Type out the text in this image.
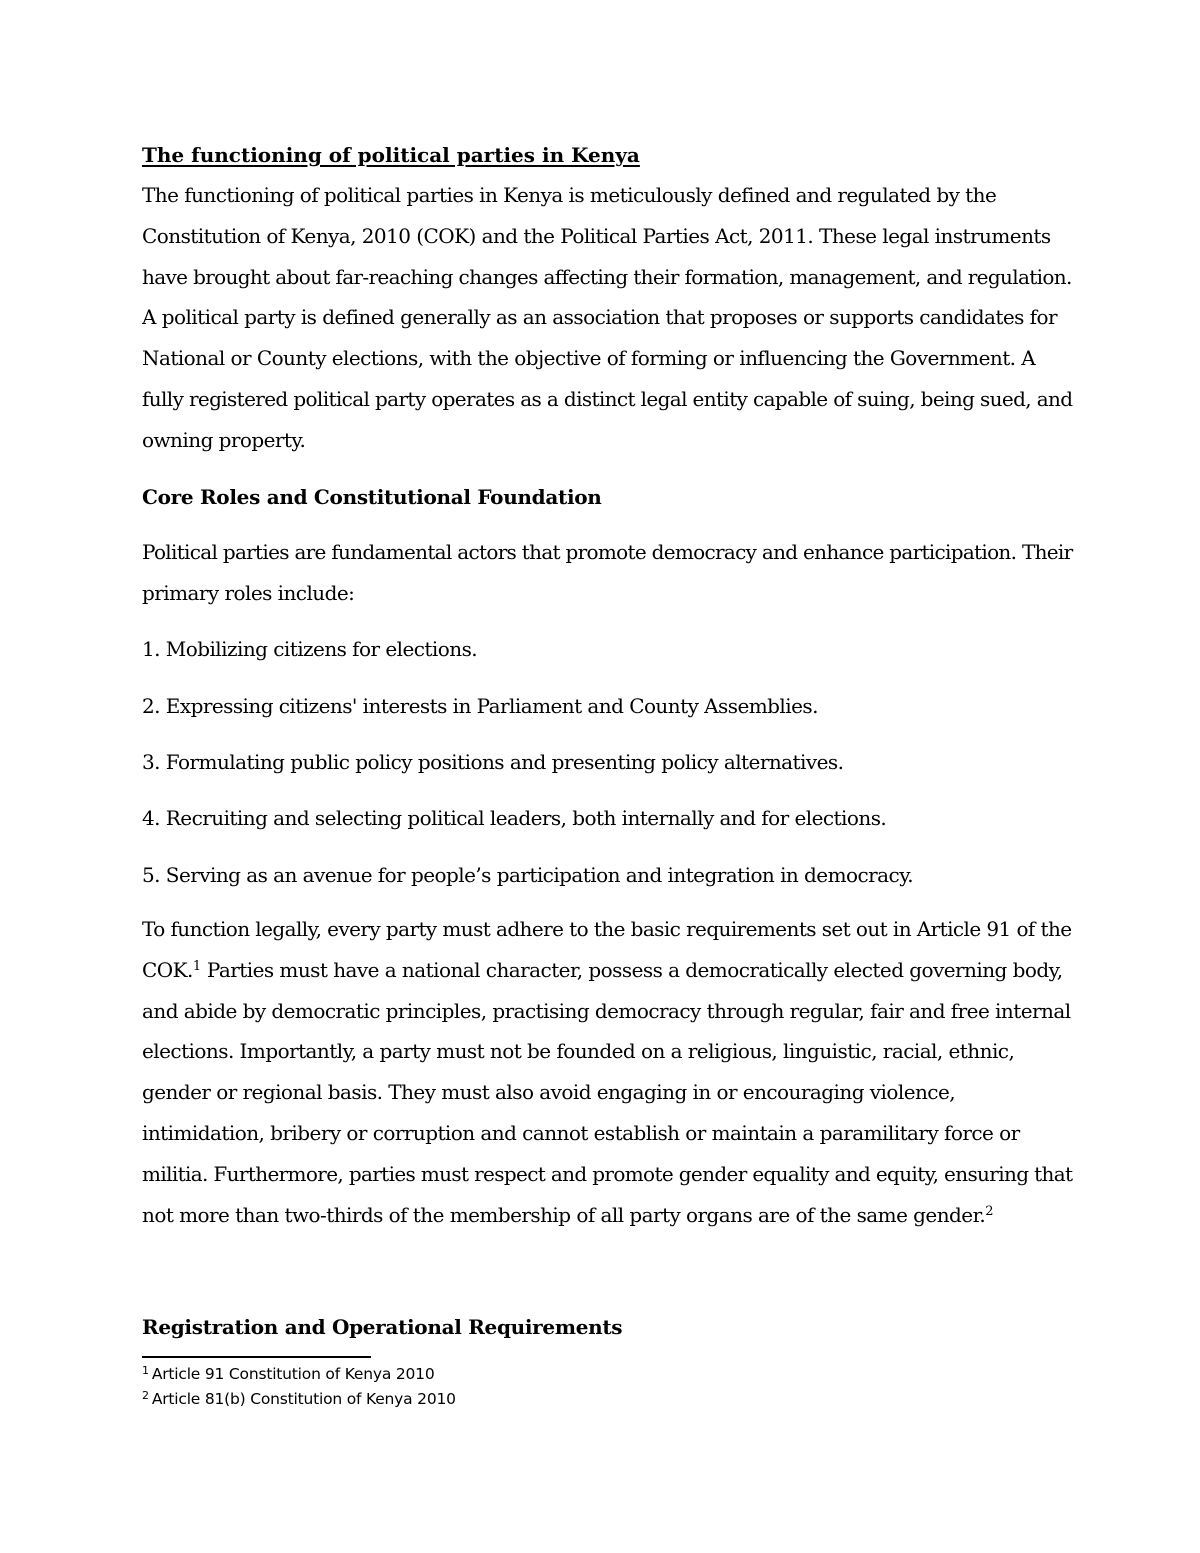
The functioning of political parties in Kenya
The functioning of political parties in Kenya is meticulously defined and regulated by the
Constitution of Kenya, 2010 (COK) and the Political Parties Act, 2011. These legal instruments
have brought about far-reaching changes affecting their formation, management, and regulation.
A political party is defined generally as an association that proposes or supports candidates for
National or County elections, with the objective of forming or influencing the Government. A
fully registered political party operates as a distinct legal entity capable of suing, being sued, and
owning property.
Core Roles and Constitutional Foundation
Political parties are fundamental actors that promote democracy and enhance participation. Their
primary roles include:
1. Mobilizing citizens for elections.
2. Expressing citizens' interests in Parliament and County Assemblies.
3. Formulating public policy positions and presenting policy alternatives.
4. Recruiting and selecting political leaders, both internally and for elections.
5. Serving as an avenue for people’s participation and integration in democracy.
To function legally, every party must adhere to the basic requirements set out in Article 91 of the
COK.$^1$ Parties must have a national character, possess a democratically elected governing body,
and abide by democratic principles, practising democracy through regular, fair and free internal
elections. Importantly, a party must not be founded on a religious, linguistic, racial, ethnic,
gender or regional basis. They must also avoid engaging in or encouraging violence,
intimidation, bribery or corruption and cannot establish or maintain a paramilitary force or
militia. Furthermore, parties must respect and promote gender equality and equity, ensuring that
not more than two-thirds of the membership of all party organs are of the same gender.$^2$
Registration and Operational Requirements
$^1$ Article 91 Constitution of Kenya 2010
$^2$ Article 81(b) Constitution of Kenya 2010
